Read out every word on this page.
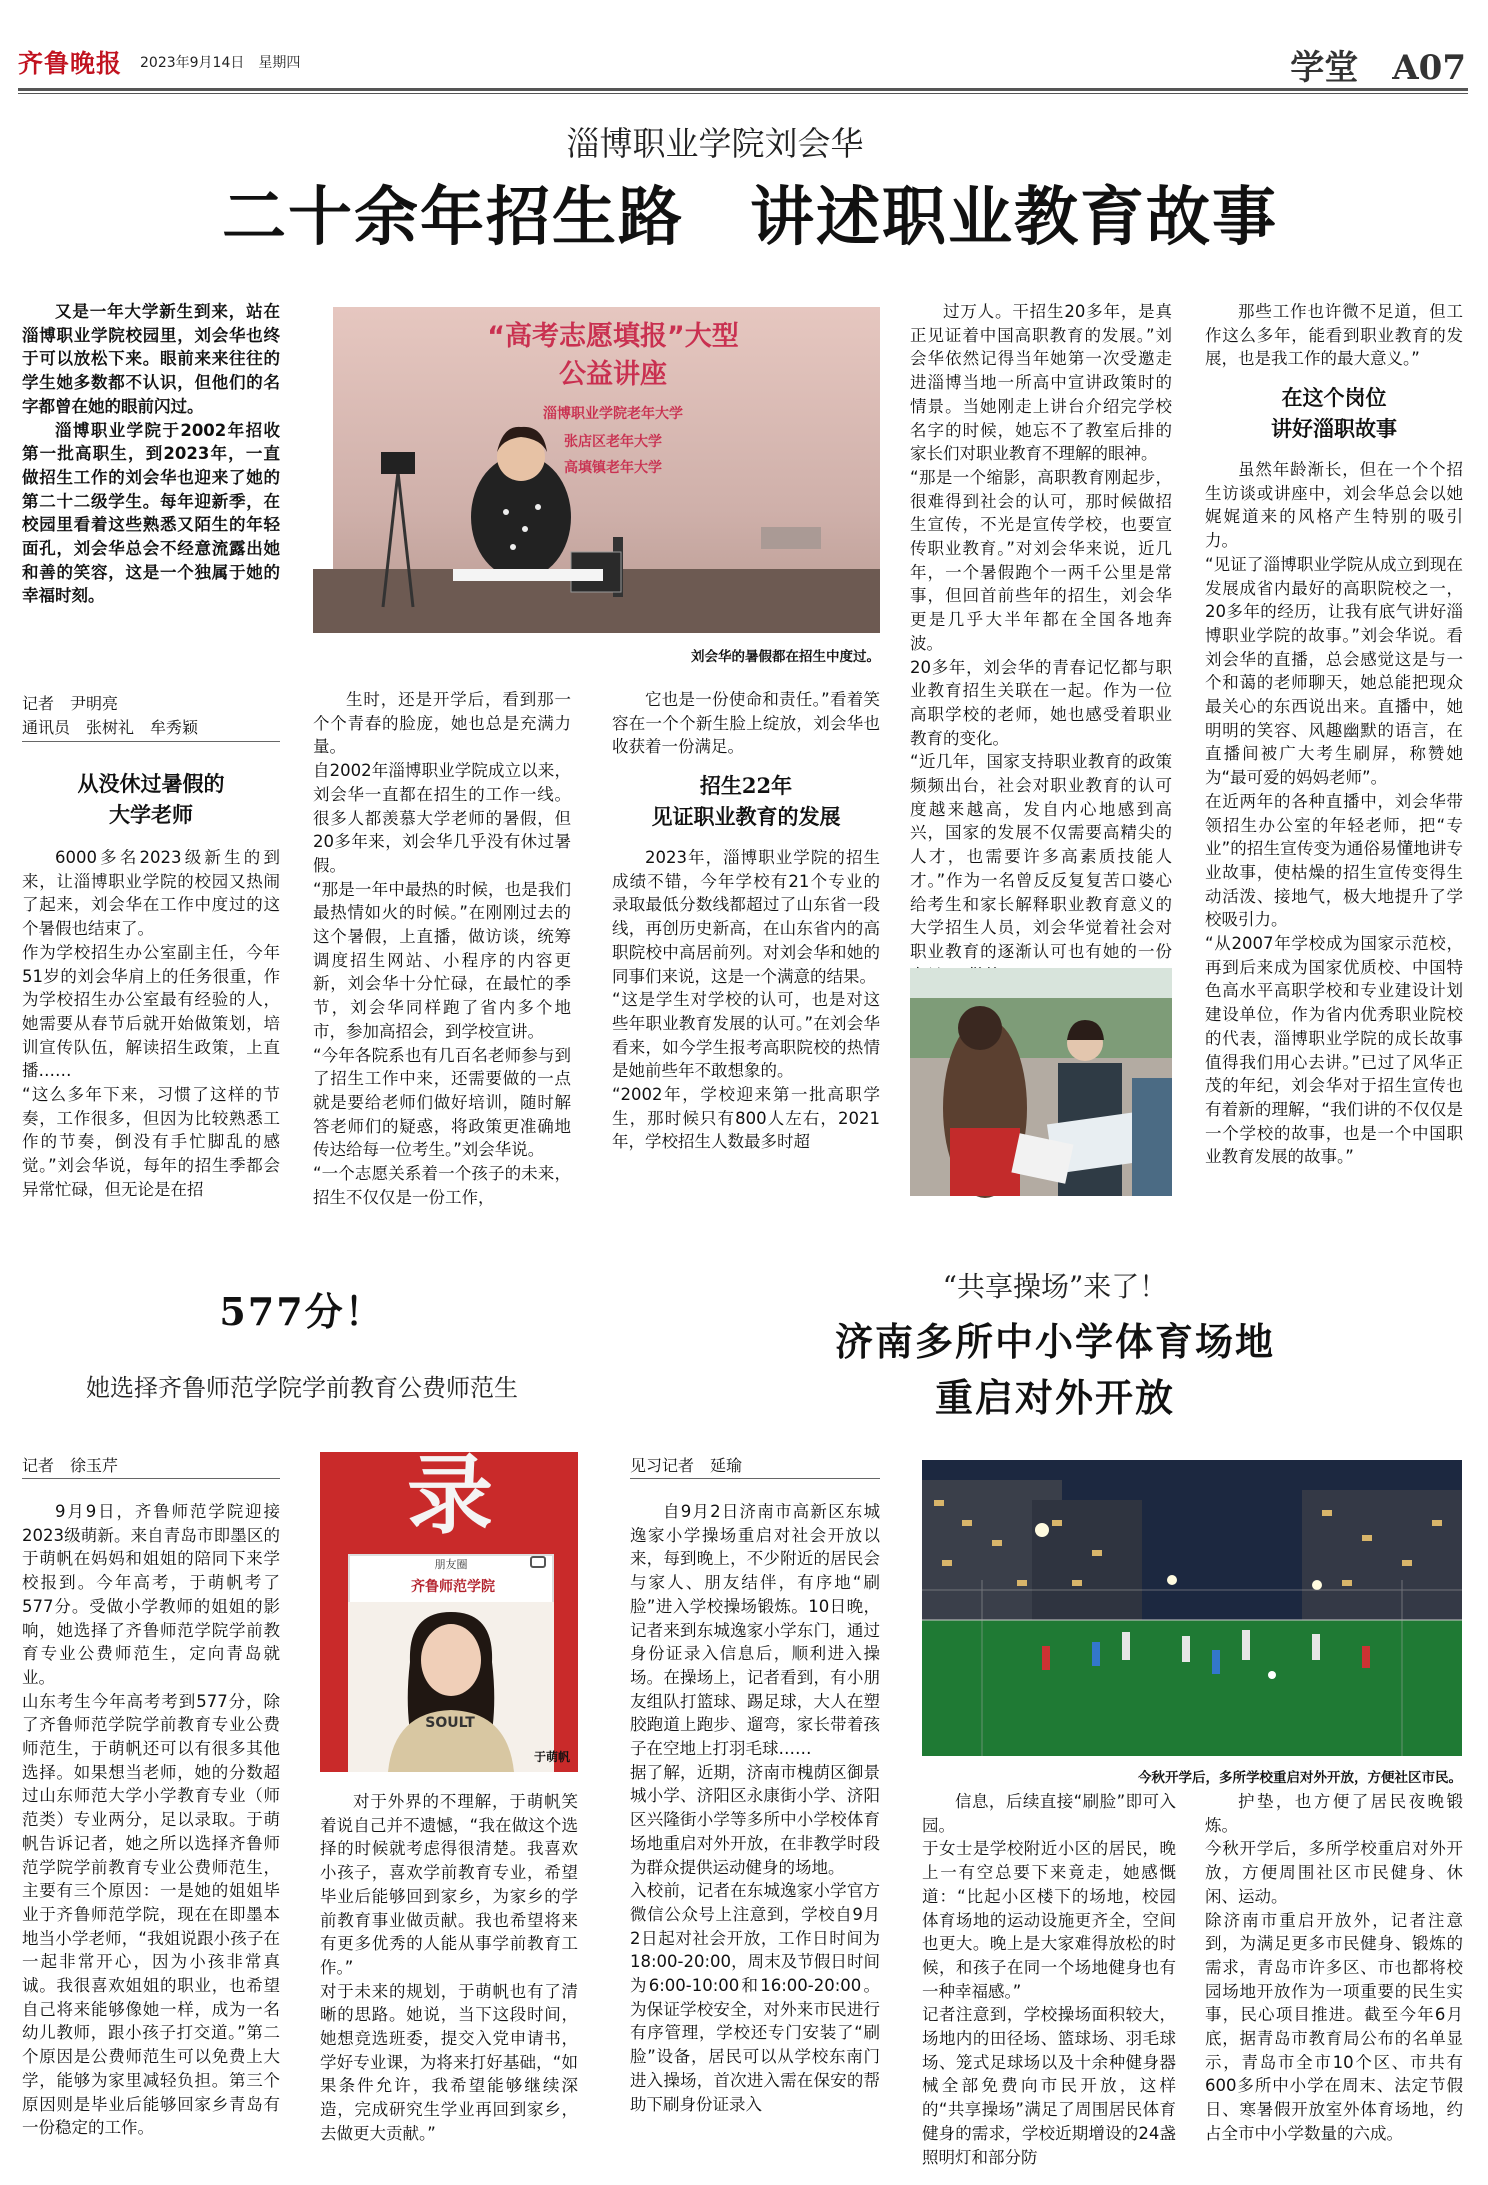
齐鲁晚报 2023年9月14日　星期四	学堂　A07
淄博职业学院刘会华
二十余年招生路　讲述职业教育故事

又是一年大学新生到来，站在淄博职业学院校园里，刘会华也终于可以放松下来。眼前来来往往的学生她多数都不认识，但他们的名字都曾在她的眼前闪过。

淄博职业学院于2002年招收第一批高职生，到2023年，一直做招生工作的刘会华也迎来了她的第二十二级学生。每年迎新季，在校园里看着这些熟悉又陌生的年轻面孔，刘会华总会不经意流露出她和善的笑容，这是一个独属于她的幸福时刻。

“高考志愿填报”大型
公益讲座
淄博职业学院老年大学
张店区老年大学
高填镇老年大学
刘会华的暑假都在招生中度过。
记者　尹明亮
通讯员　张树礼　牟秀颖
从没休过暑假的
大学老师
6000多名2023级新生的到来，让淄博职业学院的校园又热闹了起来，刘会华在工作中度过的这个暑假也结束了。
作为学校招生办公室副主任，今年51岁的刘会华肩上的任务很重，作为学校招生办公室最有经验的人，她需要从春节后就开始做策划，培训宣传队伍，解读招生政策，上直播……
“这么多年下来，习惯了这样的节奏，工作很多，但因为比较熟悉工作的节奏，倒没有手忙脚乱的感觉。”刘会华说，每年的招生季都会异常忙碌，但无论是在招
生时，还是开学后，看到那一个个青春的脸庞，她也总是充满力量。
自2002年淄博职业学院成立以来，刘会华一直都在招生的工作一线。很多人都羡慕大学老师的暑假，但20多年来，刘会华几乎没有休过暑假。
“那是一年中最热的时候，也是我们最热情如火的时候。”在刚刚过去的这个暑假，上直播，做访谈，统筹调度招生网站、小程序的内容更新，刘会华十分忙碌，在最忙的季节，刘会华同样跑了省内多个地市，参加高招会，到学校宣讲。
“今年各院系也有几百名老师参与到了招生工作中来，还需要做的一点就是要给老师们做好培训，随时解答老师们的疑惑，将政策更准确地传达给每一位考生。”刘会华说。
“一个志愿关系着一个孩子的未来，招生不仅仅是一份工作，
它也是一份使命和责任。”看着笑容在一个个新生脸上绽放，刘会华也收获着一份满足。
招生22年
见证职业教育的发展
2023年，淄博职业学院的招生成绩不错，今年学校有21个专业的录取最低分数线都超过了山东省一段线，再创历史新高，在山东省内的高职院校中高居前列。对刘会华和她的同事们来说，这是一个满意的结果。
“这是学生对学校的认可，也是对这些年职业教育发展的认可。”在刘会华看来，如今学生报考高职院校的热情是她前些年不敢想象的。
“2002年，学校迎来第一批高职学生，那时候只有800人左右，2021年，学校招生人数最多时超
过万人。干招生20多年，是真正见证着中国高职教育的发展。”刘会华依然记得当年她第一次受邀走进淄博当地一所高中宣讲政策时的情景。当她刚走上讲台介绍完学校名字的时候，她忘不了教室后排的家长们对职业教育不理解的眼神。
“那是一个缩影，高职教育刚起步，很难得到社会的认可，那时候做招生宣传，不光是宣传学校，也要宣传职业教育。”对刘会华来说，近几年，一个暑假跑个一两千公里是常事，但回首前些年的招生，刘会华更是几乎大半年都在全国各地奔波。
20多年，刘会华的青春记忆都与职业教育招生关联在一起。作为一位高职学校的老师，她也感受着职业教育的变化。
“近几年，国家支持职业教育的政策频频出台，社会对职业教育的认可度越来越高，发自内心地感到高兴，国家的发展不仅需要高精尖的人才，也需要许多高素质技能人才。”作为一名曾反反复复苦口婆心给考生和家长解释职业教育意义的大学招生人员，刘会华觉着社会对职业教育的逐渐认可也有她的一份
那些工作也许微不足道，但工作这么多年，能看到职业教育的发展，也是我工作的最大意义。”
在这个岗位
讲好淄职故事
虽然年龄渐长，但在一个个招生访谈或讲座中，刘会华总会以她娓娓道来的风格产生特别的吸引力。
“见证了淄博职业学院从成立到现在发展成省内最好的高职院校之一，20多年的经历，让我有底气讲好淄博职业学院的故事。”刘会华说。看刘会华的直播，总会感觉这是与一个和蔼的老师聊天，她总能把现众最关心的东西说出来。直播中，她明明的笑容、风趣幽默的语言，在直播间被广大考生刷屏，称赞她为“最可爱的妈妈老师”。
在近两年的各种直播中，刘会华带领招生办公室的年轻老师，把“专业”的招生宣传变为通俗易懂地讲专业故事，使枯燥的招生宣传变得生动活泼、接地气，极大地提升了学校吸引力。
“从2007年学校成为国家示范校，再到后来成为国家优质校、中国特色高水平高职学校和专业建设计划建设单位，作为省内优秀职业院校的代表，淄博职业学院的成长故事值得我们用心去讲。”已过了风华正茂的年纪，刘会华对于招生宣传也有着新的理解，“我们讲的不仅仅是一个学校的故事，也是一个中国职业教育发展的故事。”
577分！
她选择齐鲁师范学院学前教育公费师范生
记者　徐玉芹
9月9日，齐鲁师范学院迎接2023级萌新。来自青岛市即墨区的于萌帆在妈妈和姐姐的陪同下来学校报到。今年高考，于萌帆考了577分。受做小学教师的姐姐的影响，她选择了齐鲁师范学院学前教育专业公费师范生，定向青岛就业。
山东考生今年高考考到577分，除了齐鲁师范学院学前教育专业公费师范生，于萌帆还可以有很多其他选择。如果想当老师，她的分数超过山东师范大学小学教育专业（师范类）专业两分，足以录取。于萌帆告诉记者，她之所以选择齐鲁师范学院学前教育专业公费师范生，主要有三个原因：一是她的姐姐毕业于齐鲁师范学院，现在在即墨本地当小学老师，“我姐说跟小孩子在一起非常开心，因为小孩非常真诚。我很喜欢姐姐的职业，也希望自己将来能够像她一样，成为一名幼儿教师，跟小孩子打交道。”第二个原因是公费师范生可以免费上大学，能够为家里减轻负担。第三个原因则是毕业后能够回家乡青岛有一份稳定的工作。
录
朋友圈
齐鲁师范学院
SOULT
于萌帆
对于外界的不理解，于萌帆笑着说自己并不遗憾，“我在做这个选择的时候就考虑得很清楚。我喜欢小孩子，喜欢学前教育专业，希望毕业后能够回到家乡，为家乡的学前教育事业做贡献。我也希望将来有更多优秀的人能从事学前教育工作。”
对于未来的规划，于萌帆也有了清晰的思路。她说，当下这段时间，她想竞选班委，提交入党申请书，学好专业课，为将来打好基础，“如果条件允许，我希望能够继续深造，完成研究生学业再回到家乡，去做更大贡献。”
“共享操场”来了！
济南多所中小学体育场地
重启对外开放
见习记者　延瑜
自9月2日济南市高新区东城逸家小学操场重启对社会开放以来，每到晚上，不少附近的居民会与家人、朋友结伴，有序地“刷脸”进入学校操场锻炼。10日晚，记者来到东城逸家小学东门，通过身份证录入信息后，顺利进入操场。在操场上，记者看到，有小朋友组队打篮球、踢足球，大人在塑胶跑道上跑步、遛弯，家长带着孩子在空地上打羽毛球……
据了解，近期，济南市槐荫区御景城小学、济阳区永康街小学、济阳区兴隆街小学等多所中小学校体育场地重启对外开放，在非教学时段为群众提供运动健身的场地。
入校前，记者在东城逸家小学官方微信公众号上注意到，学校自9月2日起对社会开放，工作日时间为18:00-20:00，周末及节假日时间为6:00-10:00和16:00-20:00。为保证学校安全，对外来市民进行有序管理，学校还专门安装了“刷脸”设备，居民可以从学校东南门进入操场，首次进入需在保安的帮助下刷身份证录入
今秋开学后，多所学校重启对外开放，方便社区市民。
信息，后续直接“刷脸”即可入园。
于女士是学校附近小区的居民，晚上一有空总要下来竟走，她感慨道：“比起小区楼下的场地，校园体育场地的运动设施更齐全，空间也更大。晚上是大家难得放松的时候，和孩子在同一个场地健身也有一种幸福感。”
记者注意到，学校操场面积较大，场地内的田径场、篮球场、羽毛球场、笼式足球场以及十余种健身器械全部免费向市民开放，这样的“共享操场”满足了周围居民体育健身的需求，学校近期增设的24盏照明灯和部分防
护垫，也方便了居民夜晚锻炼。
今秋开学后，多所学校重启对外开放，方便周围社区市民健身、休闲、运动。
除济南市重启开放外，记者注意到，为满足更多市民健身、锻炼的需求，青岛市许多区、市也都将校园场地开放作为一项重要的民生实事，民心项目推进。截至今年6月底，据青岛市教育局公布的名单显示，青岛市全市10个区、市共有600多所中小学在周末、法定节假日、寒暑假开放室外体育场地，约占全市中小学数量的六成。
